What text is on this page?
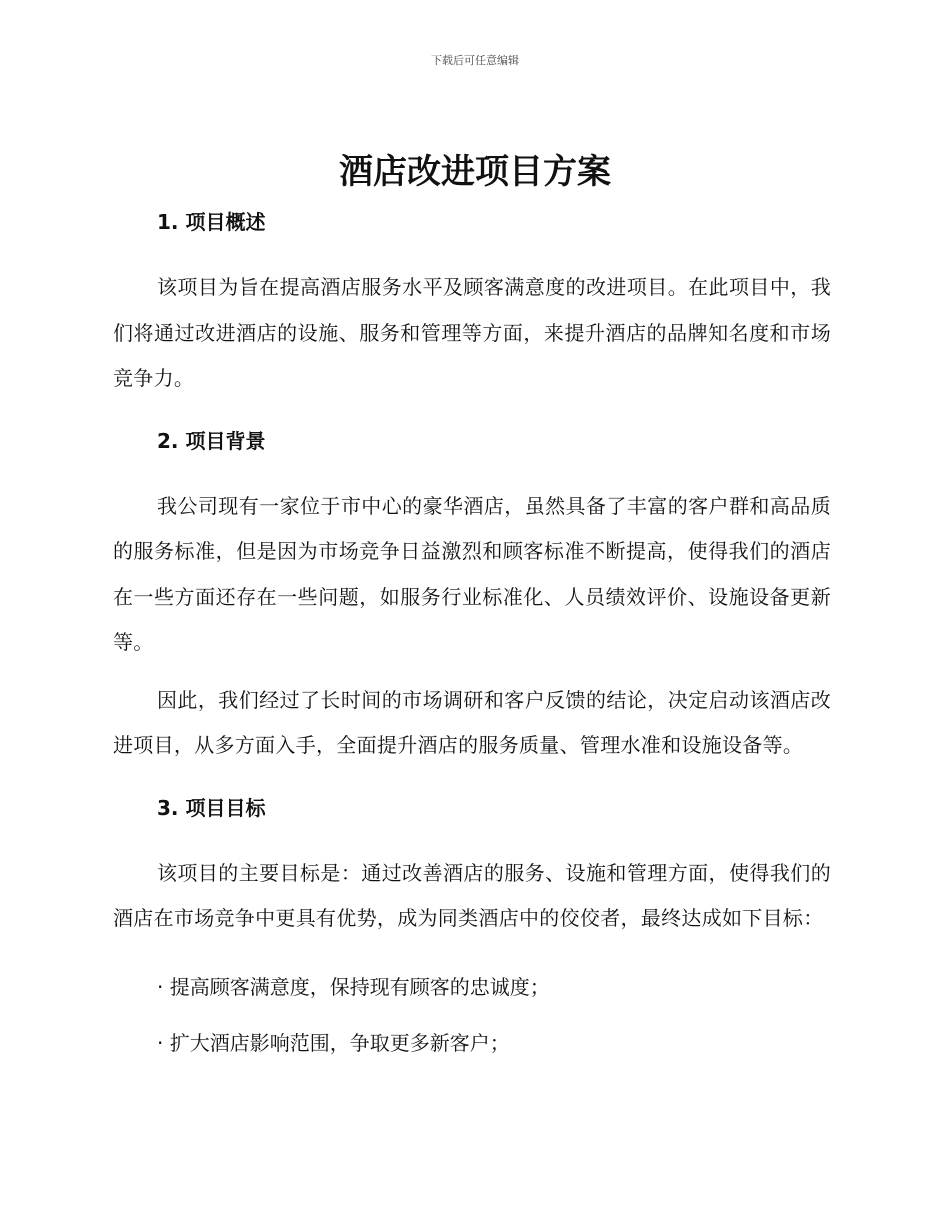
下载后可任意编辑
酒店改进项目方案
1. 项目概述

该项目为旨在提高酒店服务水平及顾客满意度的改进项目。在此项目中，我们将通过改进酒店的设施、服务和管理等方面，来提升酒店的品牌知名度和市场竞争力。

2. 项目背景

我公司现有一家位于市中心的豪华酒店，虽然具备了丰富的客户群和高品质的服务标准，但是因为市场竞争日益激烈和顾客标准不断提高，使得我们的酒店在一些方面还存在一些问题，如服务行业标准化、人员绩效评价、设施设备更新等。

因此，我们经过了长时间的市场调研和客户反馈的结论，决定启动该酒店改进项目，从多方面入手，全面提升酒店的服务质量、管理水准和设施设备等。

3. 项目目标

该项目的主要目标是：通过改善酒店的服务、设施和管理方面，使得我们的酒店在市场竞争中更具有优势，成为同类酒店中的佼佼者，最终达成如下目标：

· 提高顾客满意度，保持现有顾客的忠诚度；

· 扩大酒店影响范围，争取更多新客户；
